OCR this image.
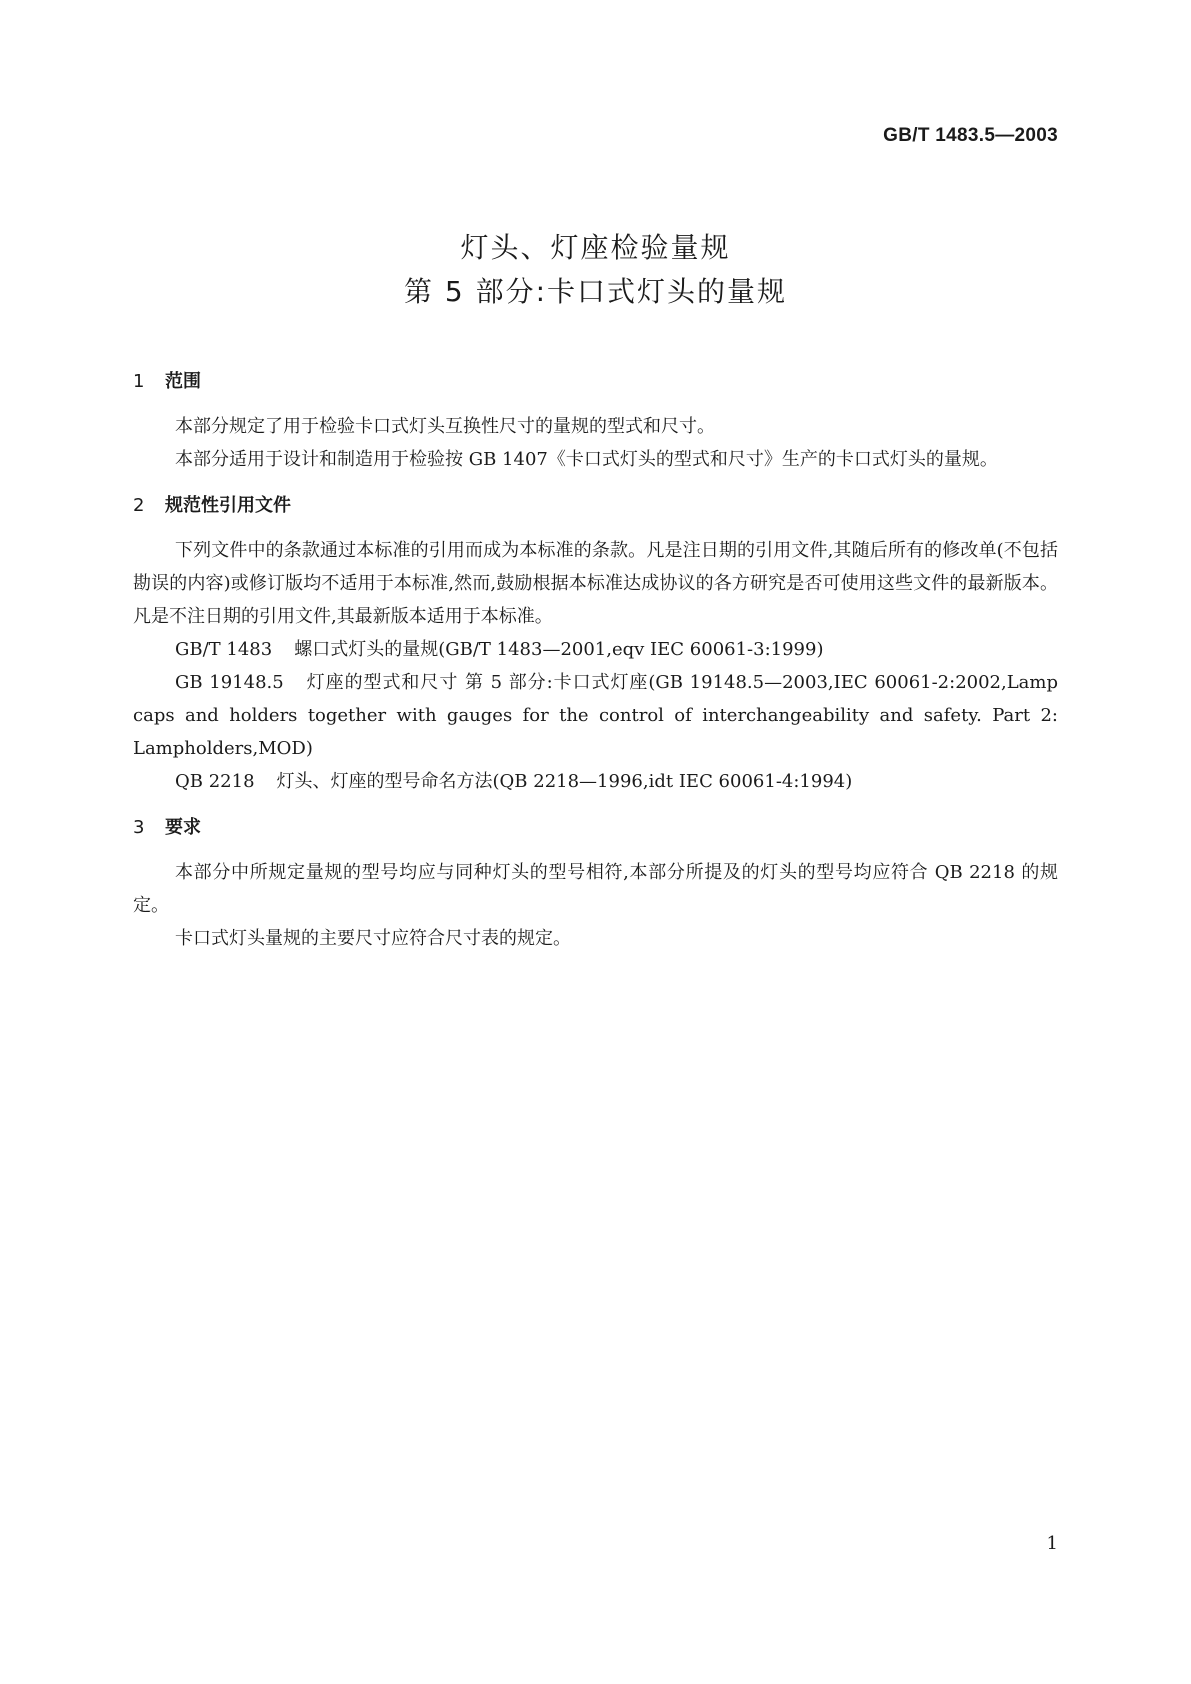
GB/T 1483.5—2003
灯头、灯座检验量规
第 5 部分:卡口式灯头的量规
1 范围

本部分规定了用于检验卡口式灯头互换性尺寸的量规的型式和尺寸。

本部分适用于设计和制造用于检验按 GB 1407《卡口式灯头的型式和尺寸》生产的卡口式灯头的量规。

2 规范性引用文件

下列文件中的条款通过本标准的引用而成为本标准的条款。凡是注日期的引用文件,其随后所有的修改单(不包括勘误的内容)或修订版均不适用于本标准,然而,鼓励根据本标准达成协议的各方研究是否可使用这些文件的最新版本。凡是不注日期的引用文件,其最新版本适用于本标准。

GB/T 1483 螺口式灯头的量规(GB/T 1483—2001,eqv IEC 60061-3:1999)

GB 19148.5 灯座的型式和尺寸 第 5 部分:卡口式灯座(GB 19148.5—2003,IEC 60061-2:2002,Lamp caps and holders together with gauges for the control of interchangeability and safety. Part 2: Lampholders,MOD)

QB 2218 灯头、灯座的型号命名方法(QB 2218—1996,idt IEC 60061-4:1994)

3 要求

本部分中所规定量规的型号均应与同种灯头的型号相符,本部分所提及的灯头的型号均应符合 QB 2218 的规定。

卡口式灯头量规的主要尺寸应符合尺寸表的规定。

1
